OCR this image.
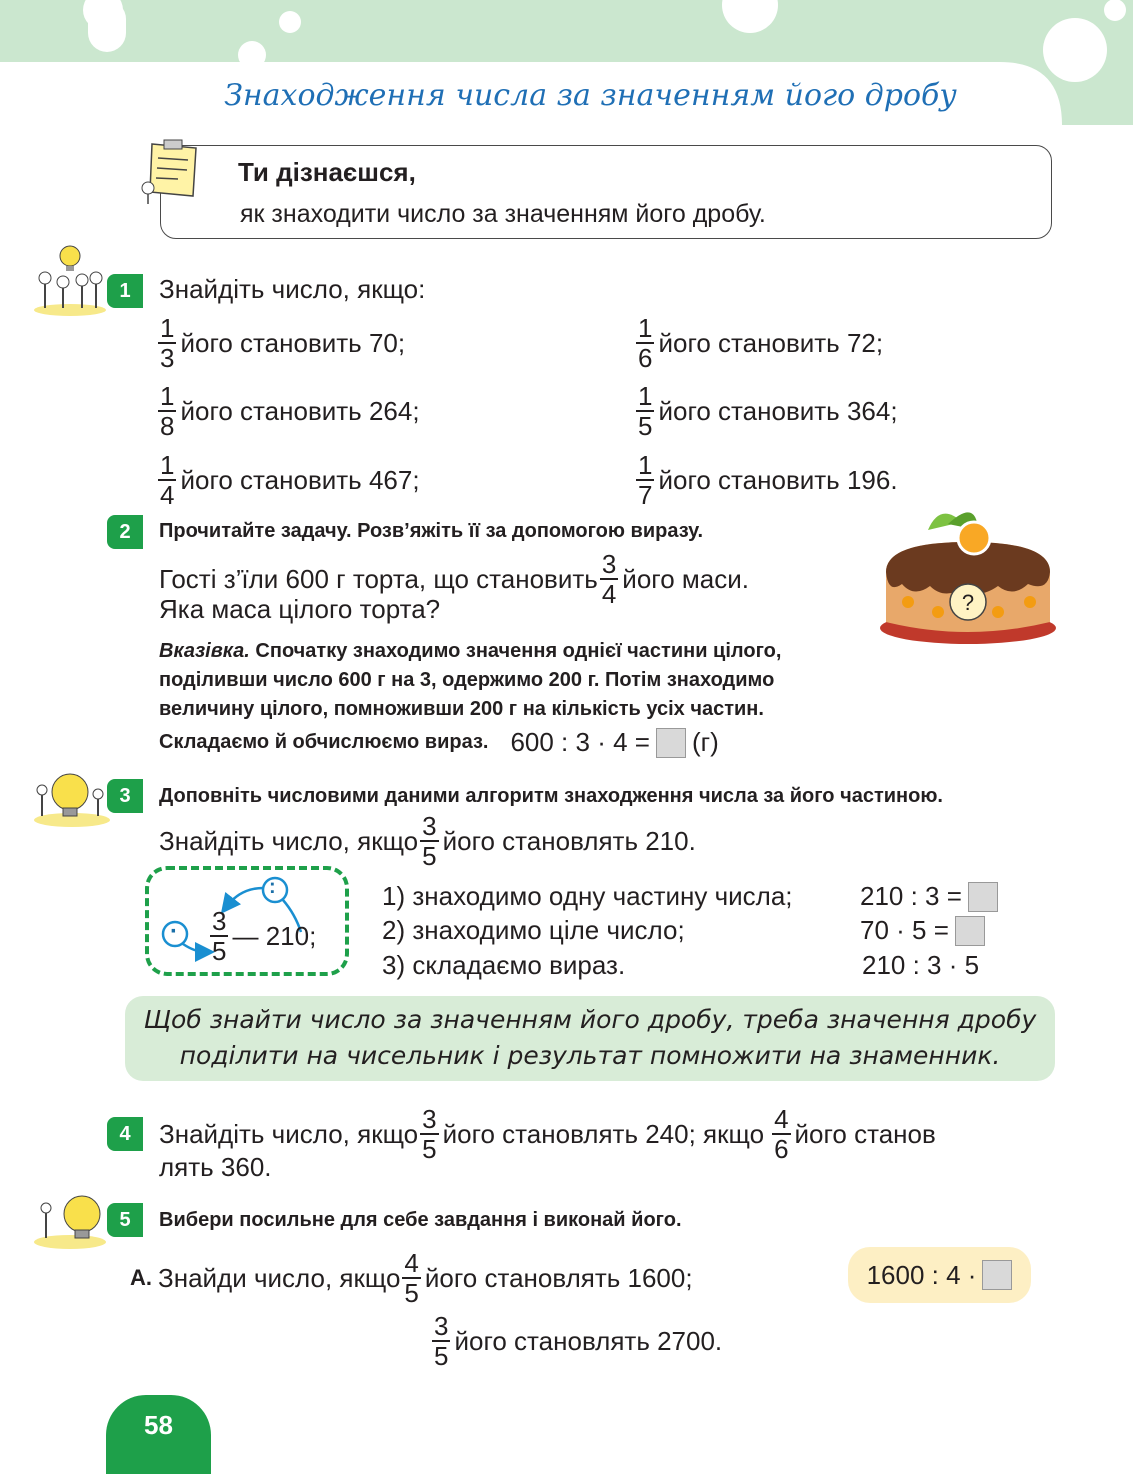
Знаходження числа за значенням його дробу
Ти дізнаєшся,
як знаходити число за значенням його дробу.
1	Знайдіть число, якщо:
$\frac{1}{3}$ його становить 70;	$\frac{1}{6}$ його становить 72;
$\frac{1}{8}$ його становить 264;	$\frac{1}{5}$ його становить 364;
$\frac{1}{4}$ його становить 467;	$\frac{1}{7}$ його становить 196.
2	Прочитайте задачу. Розв’яжіть її за допомогою виразу.
Гості з’їли 600 г торта, що становить $\frac{3}{4}$ його маси.
Яка маса цілого торта?
Вказівка. Спочатку знаходимо значення однієї частини цілого,
поділивши число 600 г на 3, одержимо 200 г. Потім знаходимо
величину цілого, помноживши 200 г на кількість усіх частин.
Складаємо й обчислюємо вираз. 600 : 3 · 4 = (г)
?
3	Доповніть числовими даними алгоритм знаходження числа за його частиною.
Знайдіть число, якщо $\frac{3}{5}$ його становлять 210.
:
· $\frac{3}{5}$ — 210;
1) знаходимо одну частину числа;
2) знаходимо ціле число;
3) складаємо вираз.
210 : 3 =
70 · 5 =
210 : 3 · 5
Щоб знайти число за значенням його дробу, треба значення дробу
поділити на чисельник і результат помножити на знаменник.
4	Знайдіть число, якщо $\frac{3}{5}$ його становлять 240; якщо $\frac{4}{6}$ його станов
лять 360.
5	Вибери посильне для себе завдання і виконай його.
А. Знайди число, якщо $\frac{4}{5}$ його становлять 1600;
$\frac{3}{5}$ його становлять 2700.
1600 : 4 ·
58
